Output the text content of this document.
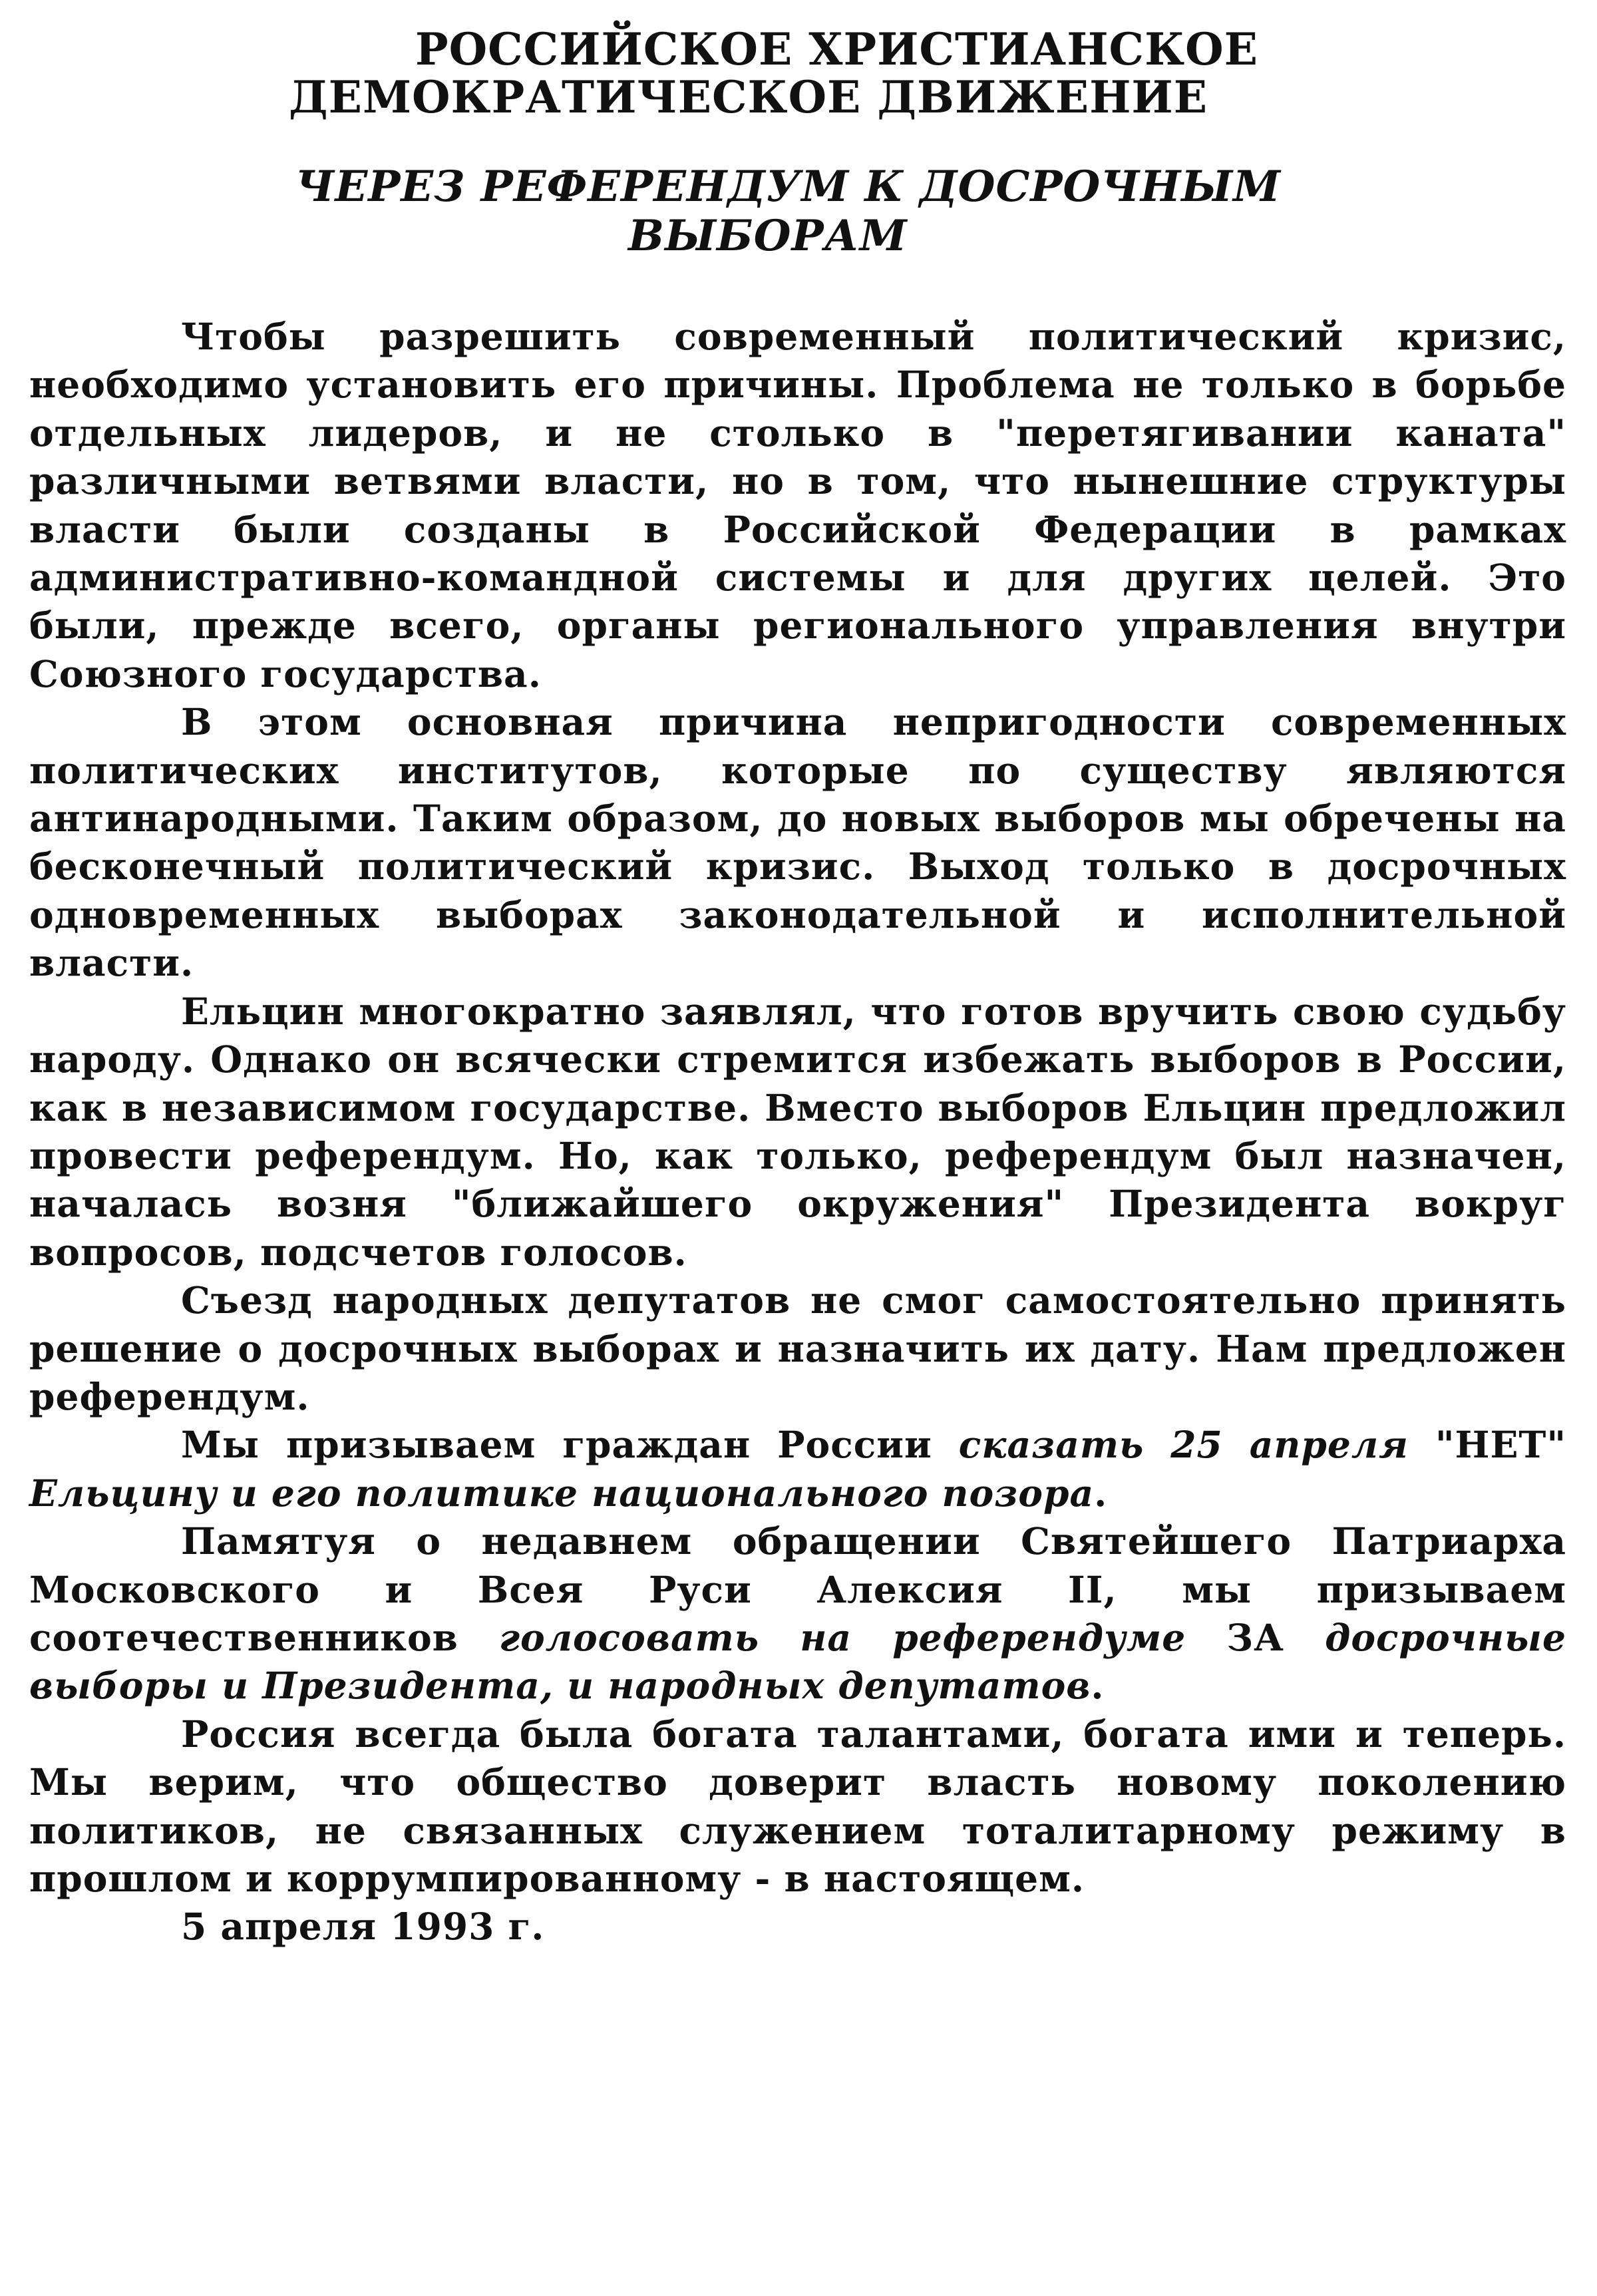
РОССИЙСКОЕ ХРИСТИАНСКОЕ
ДЕМОКРАТИЧЕСКОЕ ДВИЖЕНИЕ
ЧЕРЕЗ РЕФЕРЕНДУМ К ДОСРОЧНЫМ
ВЫБОРАМ

Чтобы разрешить современный политический кризис, необходимо установить его причины. Проблема не только в борьбе отдельных лидеров, и не столько в "перетягивании каната" различными ветвями власти, но в том, что нынешние структуры власти были созданы в Российской Федерации в рамках административно-командной системы и для других целей. Это были, прежде всего, органы регионального управления внутри Союзного государства.

В этом основная причина непригодности современных политических институтов, которые по существу являются антинародными. Таким образом, до новых выборов мы обречены на бесконечный политический кризис. Выход только в досрочных одновременных выборах законодательной и исполнительной власти.

Ельцин многократно заявлял, что готов вручить свою судьбу народу. Однако он всячески стремится избежать выборов в России, как в независимом государстве. Вместо выборов Ельцин предложил провести референдум. Но, как только, референдум был назначен, началась возня "ближайшего окружения" Президента вокруг вопросов, подсчетов голосов.

Съезд народных депутатов не смог самостоятельно принять решение о досрочных выборах и назначить их дату. Нам предложен референдум.

Мы призываем граждан России сказать 25 апреля "НЕТ" Ельцину и его политике национального позора.

Памятуя о недавнем обращении Святейшего Патриарха Московского и Всея Руси Алексия II, мы призываем соотечественников голосовать на референдуме ЗА досрочные выборы и Президента, и народных депутатов.

Россия всегда была богата талантами, богата ими и теперь. Мы верим, что общество доверит власть новому поколению политиков, не связанных служением тоталитарному режиму в прошлом и коррумпированному - в настоящем.

5 апреля 1993 г.
